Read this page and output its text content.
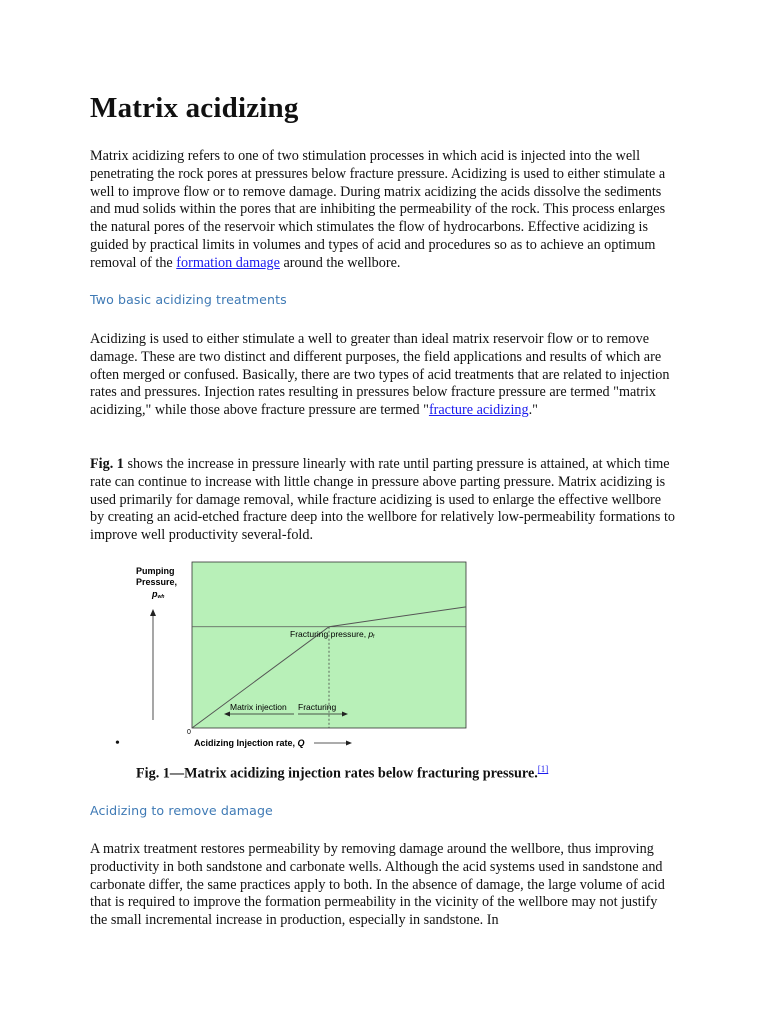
Matrix acidizing

Matrix acidizing refers to one of two stimulation processes in which acid is injected into the well penetrating the rock pores at pressures below fracture pressure. Acidizing is used to either stimulate a well to improve flow or to remove damage. During matrix acidizing the acids dissolve the sediments and mud solids within the pores that are inhibiting the permeability of the rock. This process enlarges the natural pores of the reservoir which stimulates the flow of hydrocarbons. Effective acidizing is guided by practical limits in volumes and types of acid and procedures so as to achieve an optimum removal of the formation damage around the wellbore.

Two basic acidizing treatments

Acidizing is used to either stimulate a well to greater than ideal matrix reservoir flow or to remove damage. These are two distinct and different purposes, the field applications and results of which are often merged or confused. Basically, there are two types of acid treatments that are related to injection rates and pressures. Injection rates resulting in pressures below fracture pressure are termed "matrix acidizing," while those above fracture pressure are termed "fracture acidizing."

Fig. 1 shows the increase in pressure linearly with rate until parting pressure is attained, at which time rate can continue to increase with little change in pressure above parting pressure. Matrix acidizing is used primarily for damage removal, while fracture acidizing is used to enlarge the effective wellbore by creating an acid-etched fracture deep into the wellbore for relatively low-permeability formations to improve well productivity several-fold.

Pumping
Pressure,
pwh
Fracturing pressure, pf
Matrix injection Fracturing
0
Acidizing Injection rate, Q
•
Fig. 1—Matrix acidizing injection rates below fracturing pressure.[1]
Acidizing to remove damage

A matrix treatment restores permeability by removing damage around the wellbore, thus improving productivity in both sandstone and carbonate wells. Although the acid systems used in sandstone and carbonate differ, the same practices apply to both. In the absence of damage, the large volume of acid that is required to improve the formation permeability in the vicinity of the wellbore may not justify the small incremental increase in production, especially in sandstone. In
